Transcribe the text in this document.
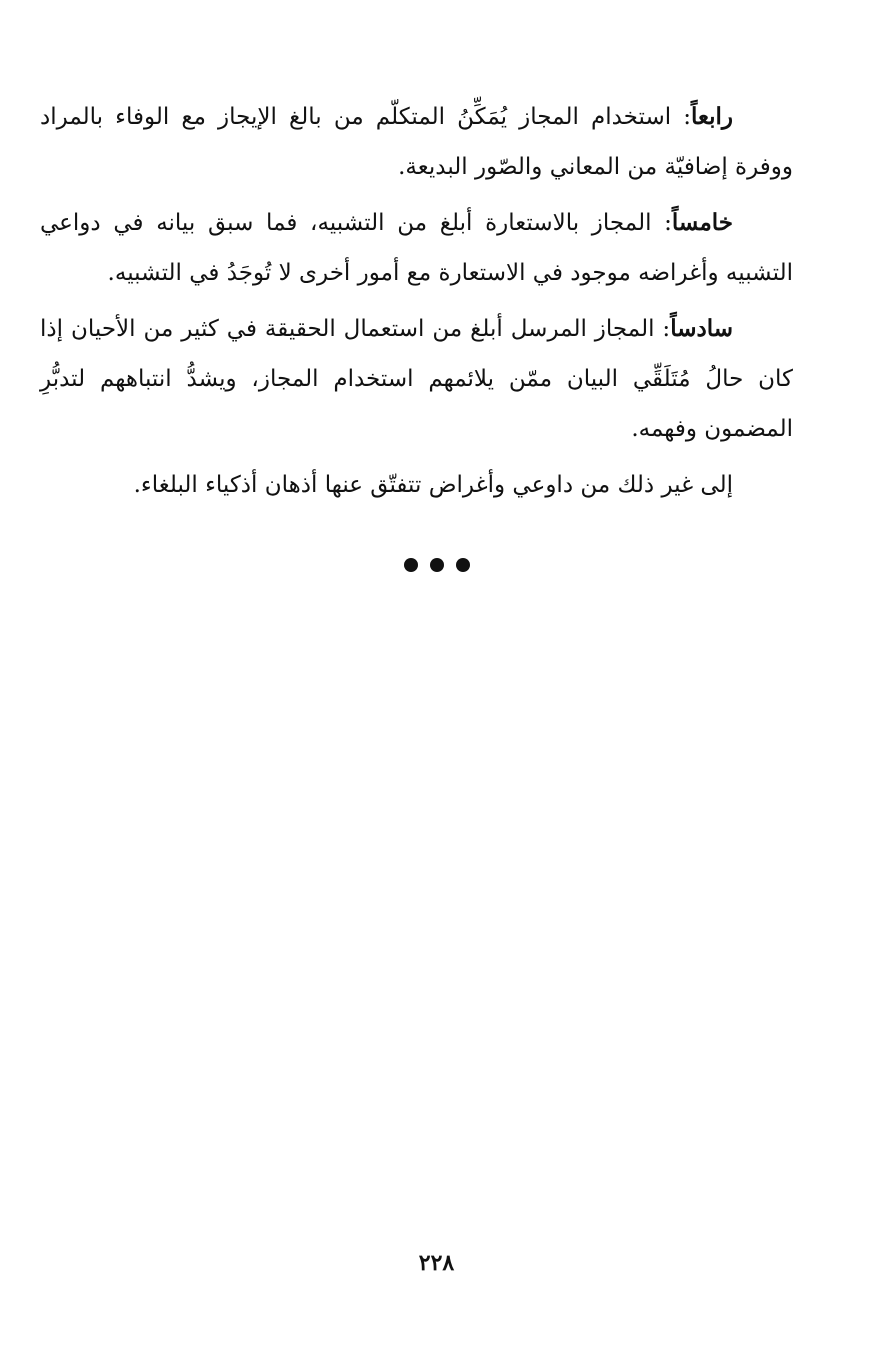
رابعاً: استخدام المجاز يُمَكِّنُ المتكلّم من بالغ الإيجاز مع الوفاء بالمراد ووفرة إضافيّة من المعاني والصّور البديعة.

خامساً: المجاز بالاستعارة أبلغ من التشبيه، فما سبق بيانه في دواعي التشبيه وأغراضه موجود في الاستعارة مع أمور أخرى لا تُوجَدُ في التشبيه.

سادساً: المجاز المرسل أبلغ من استعمال الحقيقة في كثير من الأحيان إذا كان حالُ مُتَلَقِّي البيان ممّن يلائمهم استخدام المجاز، ويشدُّ انتباههم لتدبُّرِ المضمون وفهمه.

إلى غير ذلك من داوعي وأغراض تتفتّق عنها أذهان أذكياء البلغاء.

٢٢٨
